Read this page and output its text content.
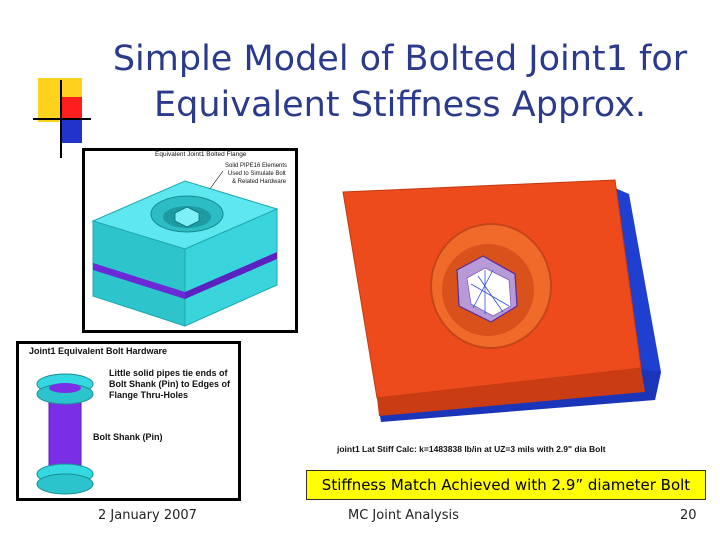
Simple Model of Bolted Joint1 for
Equivalent Stiffness Approx.
Equivalent Joint1 Bolted Flange
Solid PIPE16 Elements
Used to Simulate Bolt
& Related Hardware
joint1 Lat Stiff Calc: k=1483838 lb/in at UZ=3 mils with 2.9" dia Bolt
Joint1 Equivalent Bolt Hardware
Little solid pipes tie ends of
Bolt Shank (Pin) to Edges of
Flange Thru-Holes
Bolt Shank (Pin)
Stiffness Match Achieved with 2.9” diameter Bolt
2 January 2007	MC Joint Analysis	20
